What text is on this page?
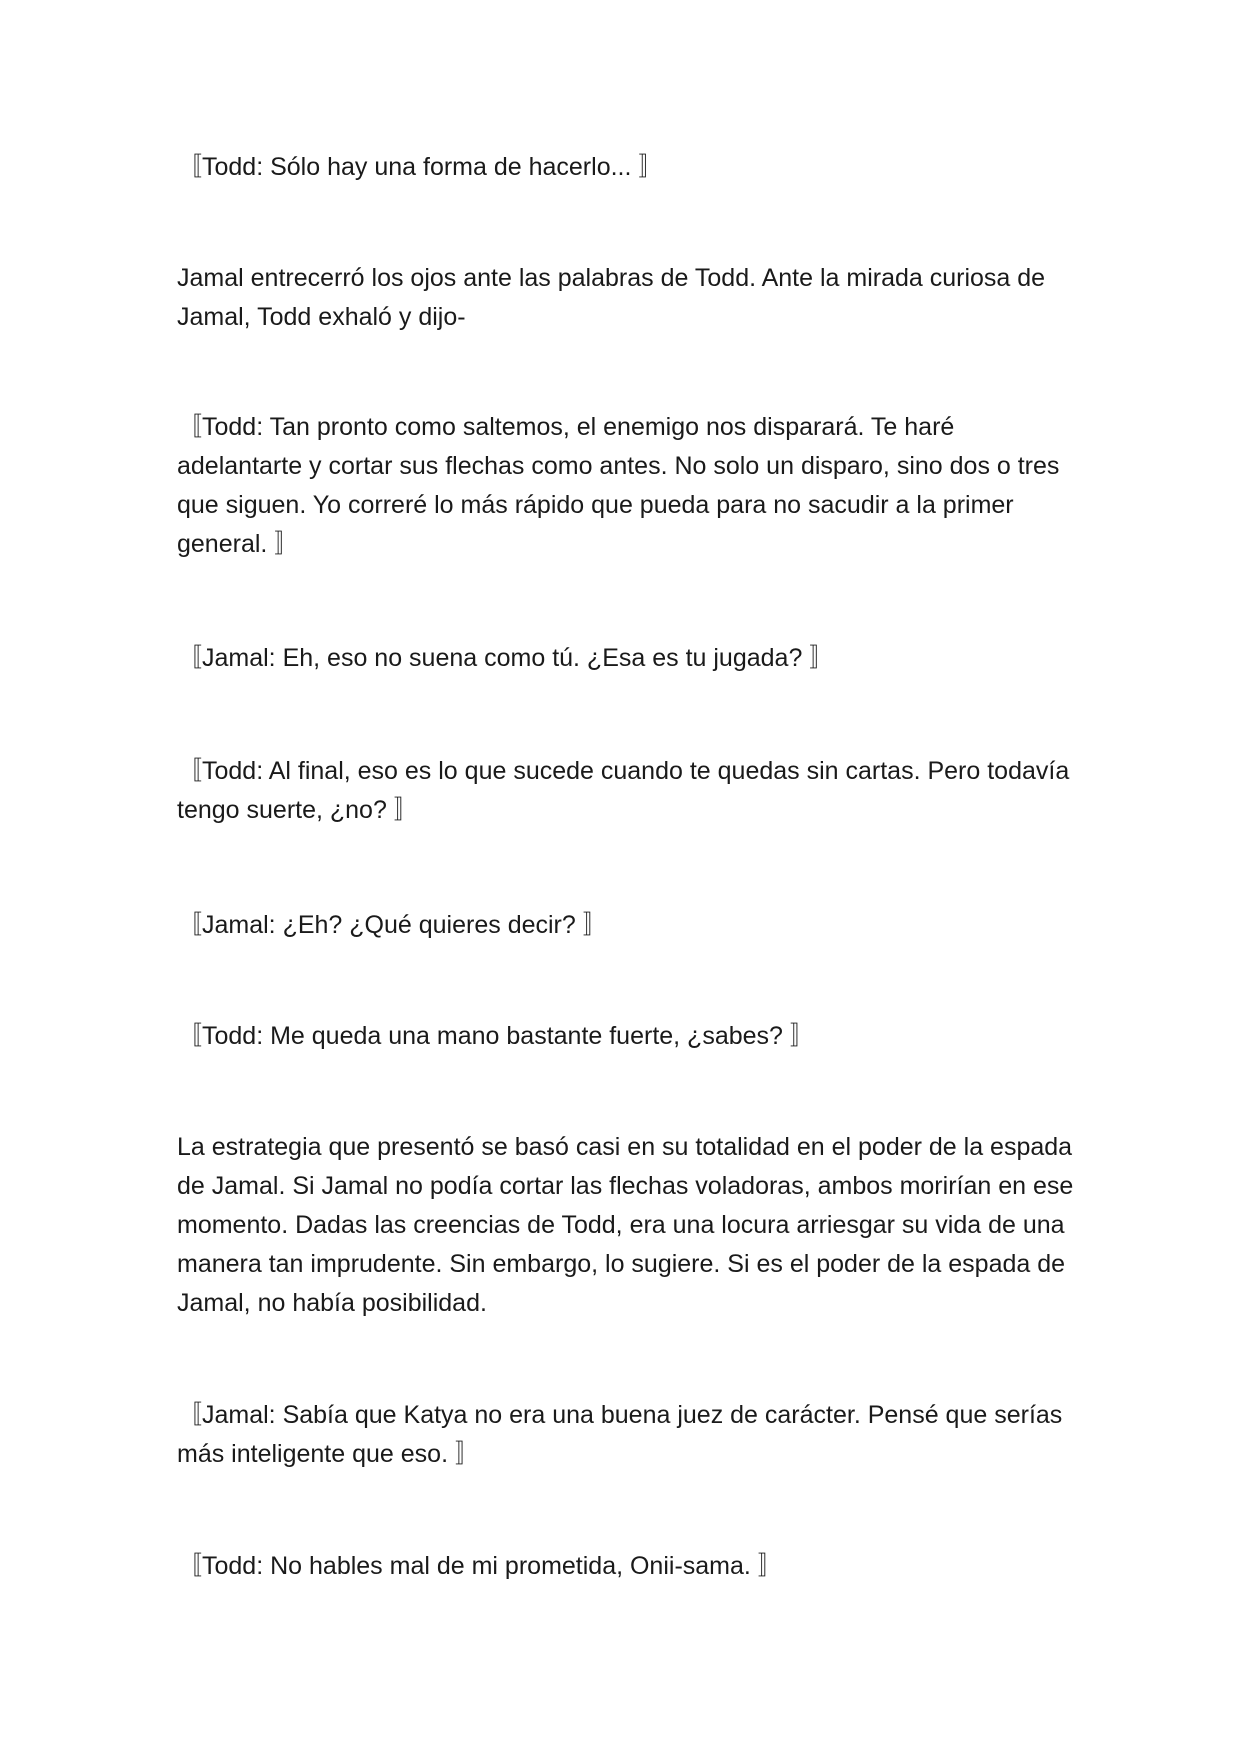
〚Todd: Sólo hay una forma de hacerlo... 〛

Jamal entrecerró los ojos ante las palabras de Todd. Ante la mirada curiosa de Jamal, Todd exhaló y dijo-

〚Todd: Tan pronto como saltemos, el enemigo nos disparará. Te haré adelantarte y cortar sus flechas como antes. No solo un disparo, sino dos o tres que siguen. Yo correré lo más rápido que pueda para no sacudir a la primer general. 〛

〚Jamal: Eh, eso no suena como tú. ¿Esa es tu jugada? 〛

〚Todd: Al final, eso es lo que sucede cuando te quedas sin cartas. Pero todavía tengo suerte, ¿no? 〛

〚Jamal: ¿Eh? ¿Qué quieres decir? 〛

〚Todd: Me queda una mano bastante fuerte, ¿sabes? 〛

La estrategia que presentó se basó casi en su totalidad en el poder de la espada de Jamal. Si Jamal no podía cortar las flechas voladoras, ambos morirían en ese momento. Dadas las creencias de Todd, era una locura arriesgar su vida de una manera tan imprudente. Sin embargo, lo sugiere. Si es el poder de la espada de Jamal, no había posibilidad.

〚Jamal: Sabía que Katya no era una buena juez de carácter. Pensé que serías más inteligente que eso. 〛

〚Todd: No hables mal de mi prometida, Onii-sama. 〛
